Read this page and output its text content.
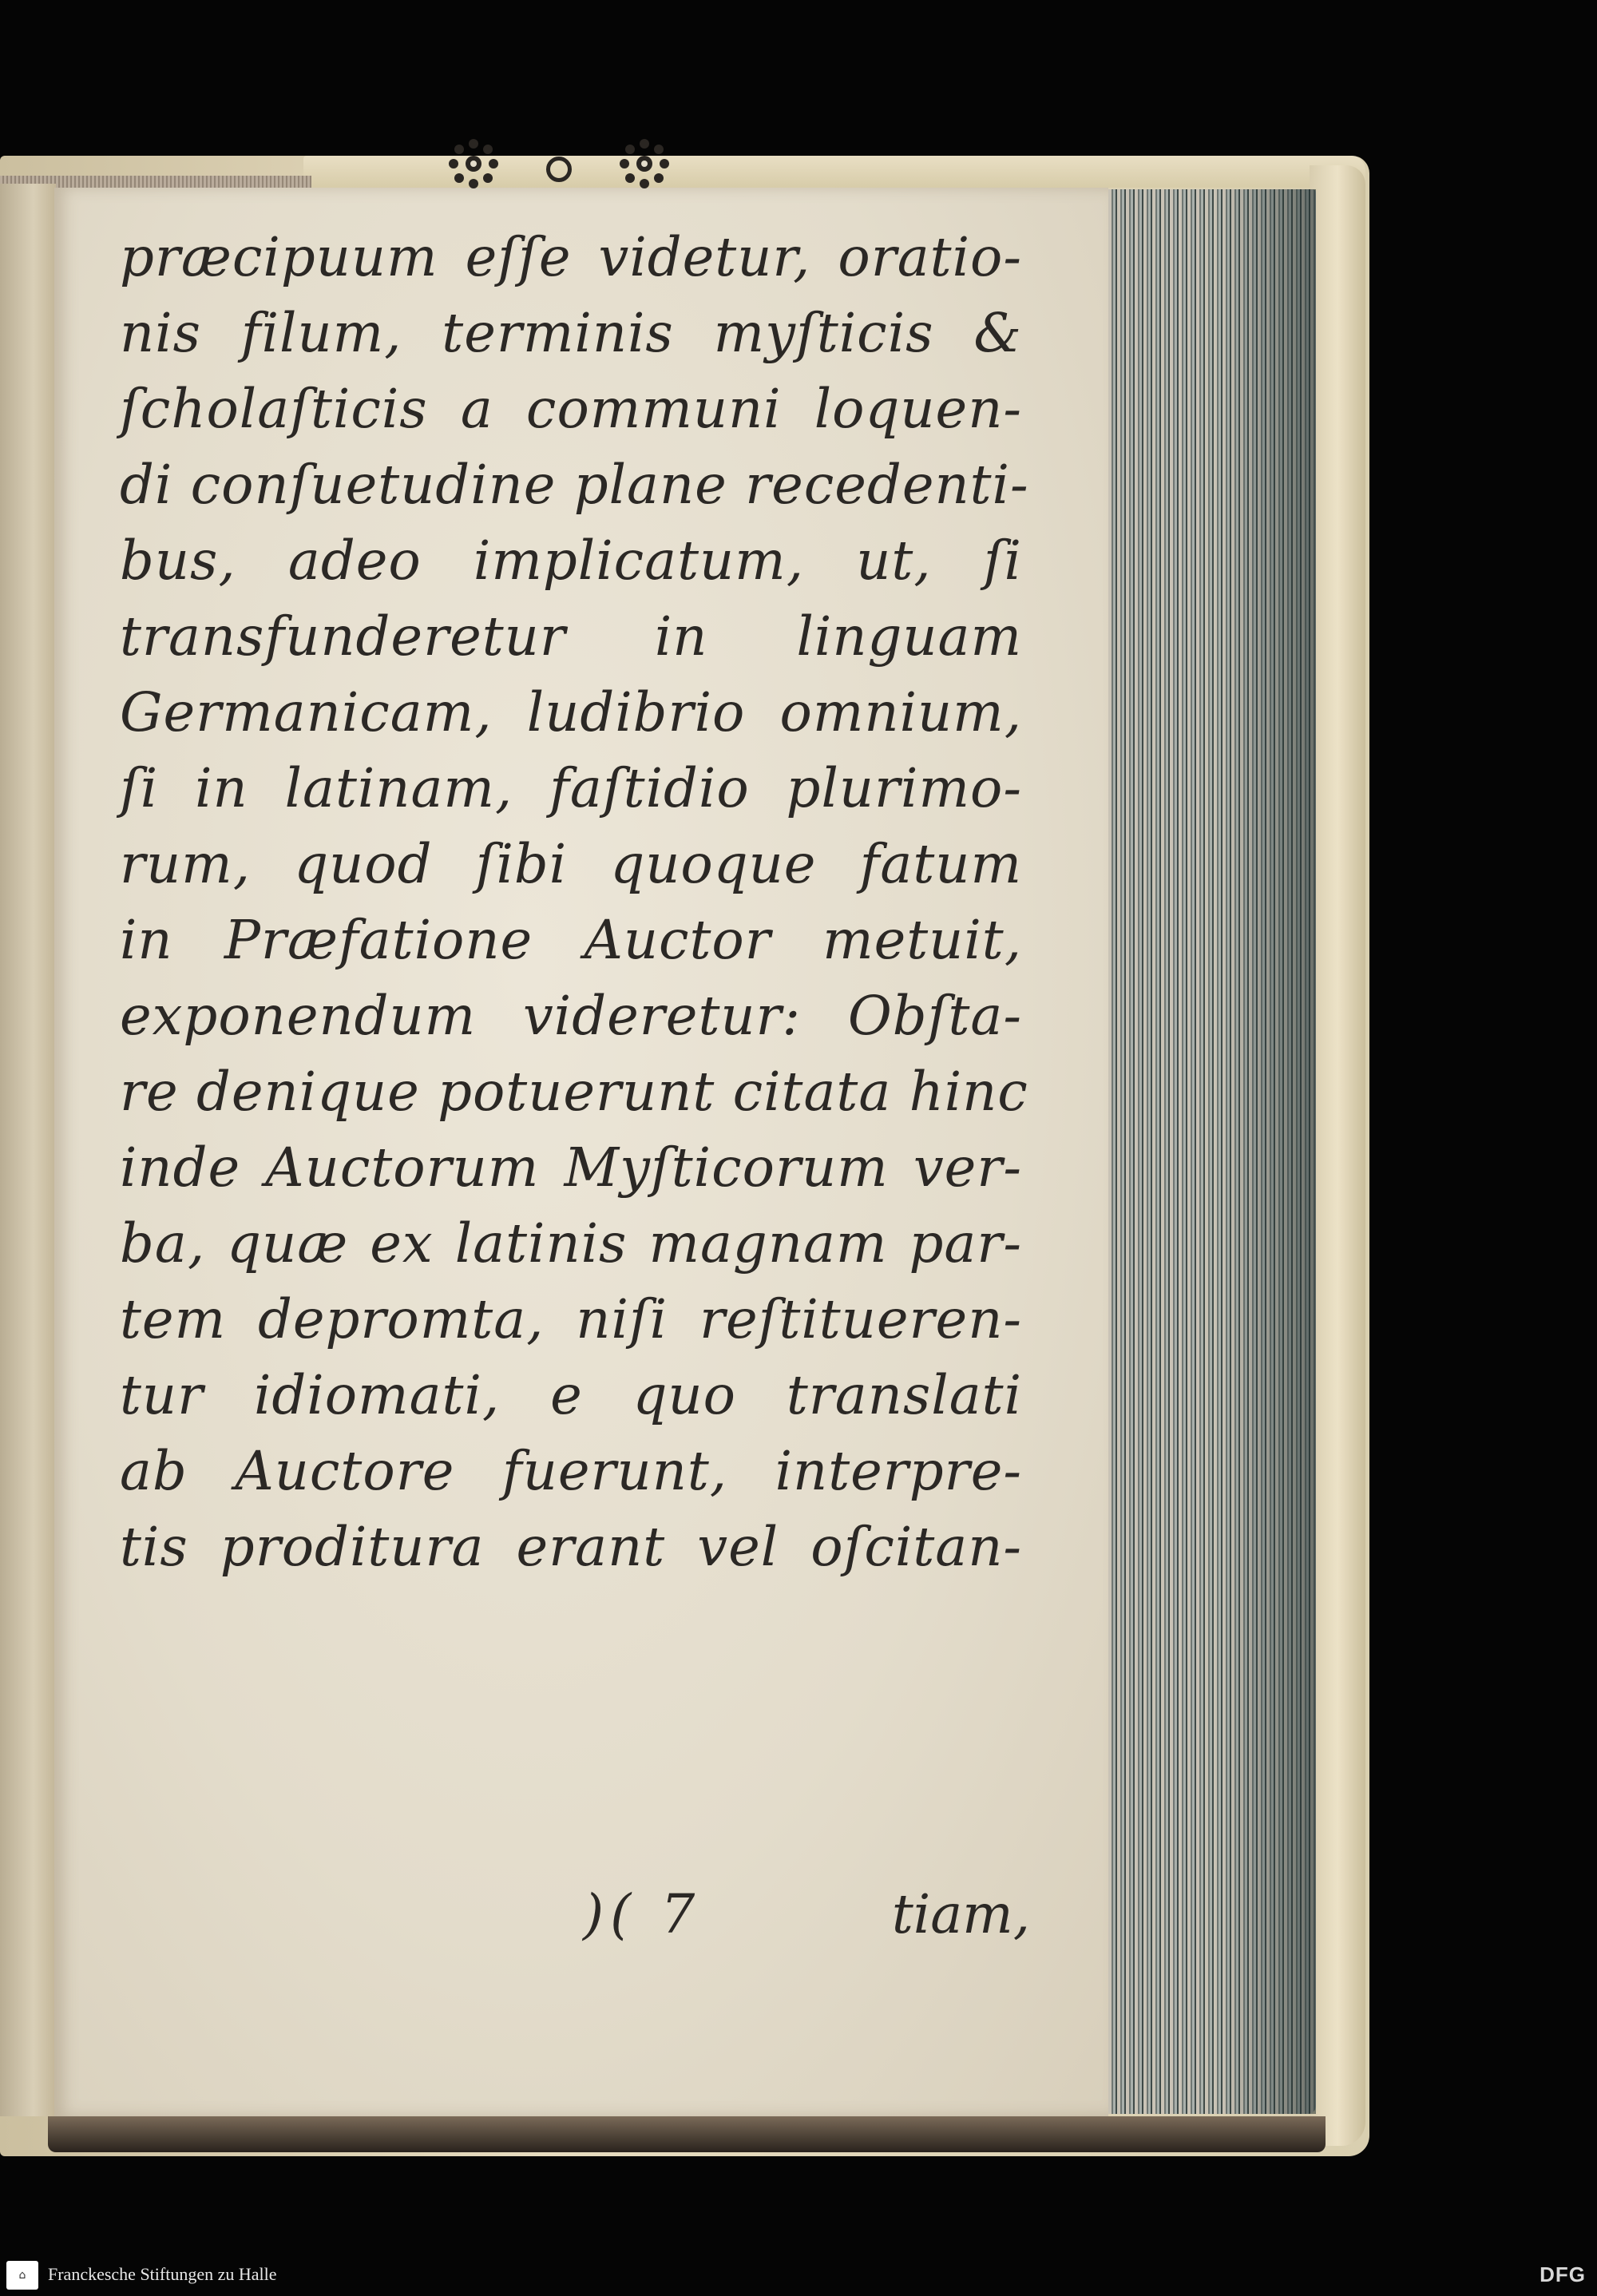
præcipuum eſſe videtur, oratio-
nis filum, terminis myſticis &
ſcholaſticis a communi loquen-
di conſuetudine plane recedenti-
bus, adeo implicatum, ut, ſi
transfunderetur in linguam
Germanicam, ludibrio omnium,
ſi in latinam, faſtidio plurimo-
rum, quod ſibi quoque fatum
in Præfatione Auctor metuit,
exponendum videretur: Obſta-
re denique potuerunt citata hinc
inde Auctorum Myſticorum ver-
ba, quæ ex latinis magnam par-
tem depromta, niſi reſtitueren-
tur idiomati, e quo translati
ab Auctore fuerunt, interpre-
tis proditura erant vel oſcitan-
)( 7	tiam,
⌂ Franckesche Stiftungen zu Halle	DFG
